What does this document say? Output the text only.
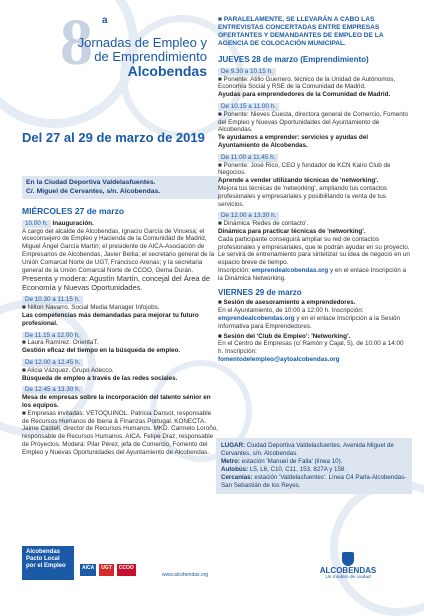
8 a
Jornadas de Empleo y
de Emprendimiento
Alcobendas
Del 27 al 29 de marzo de 2019
En la Ciudad Deportiva Valdelasfuentes.
C/. Miguel de Cervantes, s/n. Alcobendas.
MIÉRCOLES 27 de marzo
10.00 h. Inauguración.
A cargo del alcalde de Alcobendas, Ignacio García de Vinuesa; el viceconsejero de Empleo y Hacienda de la Comunidad de Madrid, Miguel Ángel García Martín; el presidente de AICA-Asociación de Empresarios de Alcobendas, Javier Beitia; el secretario general de la Unión Comarcal Norte de UGT, Francisco Arenas; y la secretaria general de la Unión Comarcal Norte de CCOO, Gema Durán.
Presenta y modera: Agustín Martín, concejal del Área de Economía y Nuevas Oportunidades.
De 10.30 a 11.15 h.
■ Nilton Navarro. Social Media Manager Infojobs.
Las competencias más demandadas para mejorar tu futuro profesional.
De 11.15 a 12.00 h.
■ Laura Ramírez. OrientaT.
Gestión eficaz del tiempo en la búsqueda de empleo.
De 12.00 a 12.45 h.
■ Alicia Vázquez. Grupo Adecco.
Búsqueda de empleo a través de las redes sociales.
De 12.45 a 13.30 h.
Mesa de empresas sobre la incorporación del talento sénior en los equipos.
■ Empresas invitadas: VETOQUINOL. Patricia Dansot, responsable de Recursos Humanos de Iberia & Finanzas Portugal. KONECTA. Jaime Castell, director de Recursos Humanos. MKD. Carmelo Loroño, responsable de Recursos Humanos. AICA. Felipe Díaz, responsable de Proyectos. Modera: Pilar Pérez, jefa de Comercio, Fomento del Empleo y Nuevas Oportunidades del Ayuntamiento de Alcobendas.
■ PARALELAMENTE, SE LLEVARÁN A CABO LAS ENTREVISTAS CONCERTADAS ENTRE EMPRESAS OFERTANTES Y DEMANDANTES DE EMPLEO DE LA AGENCIA DE COLOCACIÓN MUNICIPAL.
JUEVES 28 de marzo (Emprendimiento)
De 9.30 a 10.15 h.
■ Ponente: Atilio Guerrero, técnico de la Unidad de Autónomos, Economía Social y RSE de la Comunidad de Madrid.
Ayudas para emprendedores de la Comunidad de Madrid.
De 10.15 a 11.00 h.
■ Ponente: Nieves Cuesta, directora general de Comercio, Fomento del Empleo y Nuevas Oportunidades del Ayuntamiento de Alcobendas.
Te ayudamos a emprender: servicios y ayudas del Ayuntamiento de Alcobendas.
De 11.00 a 11.45 h.
■ Ponente: José Rico, CEO y fundador de KCN Kairo Club de Negocios.
Aprende a vender utilizando técnicas de 'networking'.
Mejora tus técnicas de 'networking', ampliando tus contactos profesionales y empresariales y posibilitando la venta de tus servicios.
De 12.00 a 13.30 h.
■ Dinámica 'Redes de contacto'.
Dinámica para practicar técnicas de 'networking'.
Cada participante conseguirá ampliar su red de contactos profesionales y empresariales, que le podrán ayudar en su proyecto. Le servirá de entrenamiento para sintetizar su idea de negocio en un espacio breve de tiempo.
Inscripción: emprendealcobendas.org y en el enlace Inscripción a la Dinámica Networking.
VIERNES 29 de marzo
■ Sesión de asesoramiento a emprendedores.
En el Ayuntamiento, de 10:00 a 12:00 h. Inscripción:
emprendealcobendas.org y en el enlace Inscripción a la Sesión Informativa para Emprendedores.
■ Sesión del 'Club de Empleo': 'Networking'.
En el Centro de Empresas (c/ Ramón y Cajal, 5), de 10:00 a 14:00 h. Inscripción:
fomentodelempleo@aytoalcobendas.org
LUGAR: Ciudad Deportiva Valdelasfuentes. Avenida Miguel de Cervantes, s/n. Alcobendas.
Metro: estación 'Manuel de Falla' (línea 10).
Autobús: L5, L6, C10, C11, 153, 827A y 158.
Cercanías: estación 'Valdelasfuentes'. Línea C4 Parla-Alcobendas-San Sebastián de los Reyes.
Alcobendas Pacto Local por el Empleo	AICA	UGT	CCOO
www.alcobendas.org	ALCOBENDAS
Un modelo de ciudad
